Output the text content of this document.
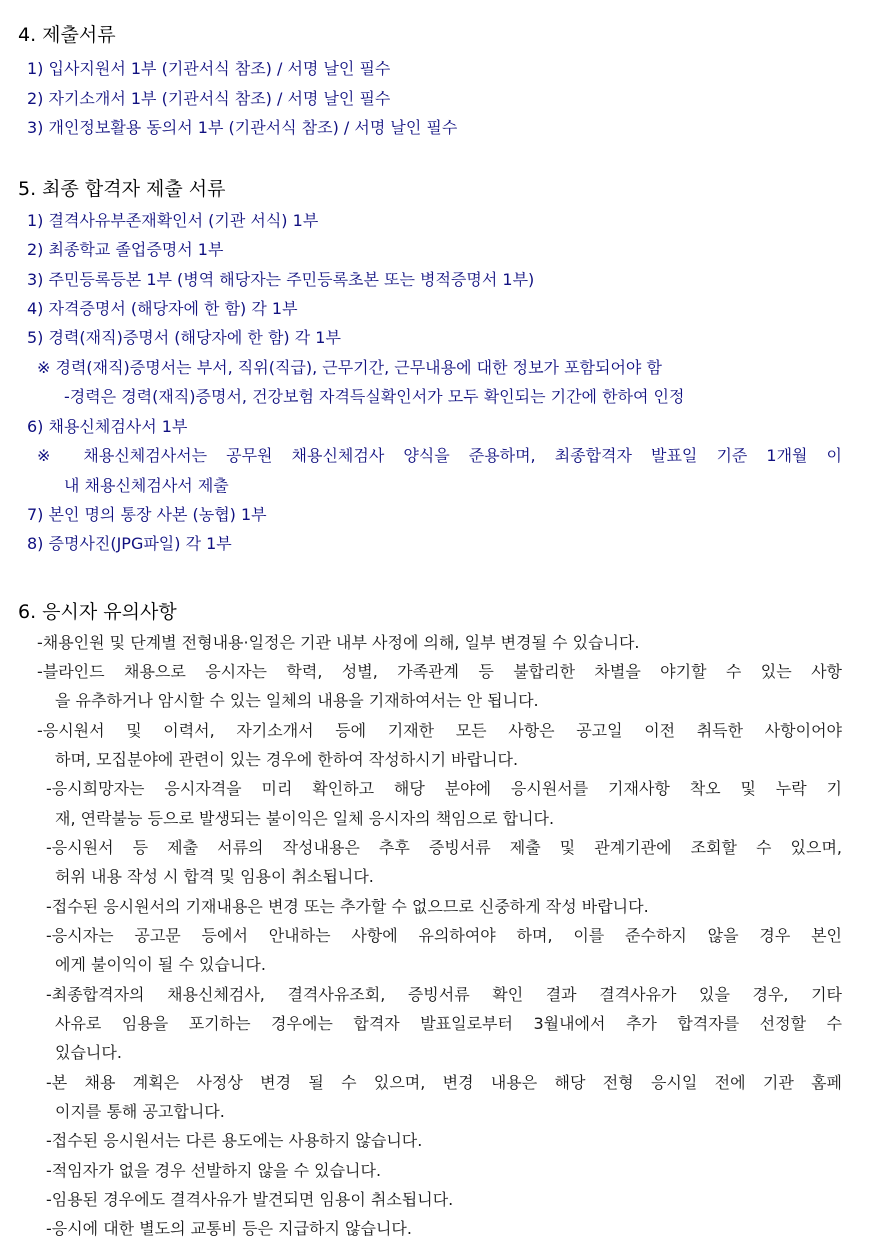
4. 제출서류
1) 입사지원서 1부 (기관서식 참조) / 서명 날인 필수
2) 자기소개서 1부 (기관서식 참조) / 서명 날인 필수
3) 개인정보활용 동의서 1부 (기관서식 참조) / 서명 날인 필수
5. 최종 합격자 제출 서류
1) 결격사유부존재확인서 (기관 서식) 1부
2) 최종학교 졸업증명서 1부
3) 주민등록등본 1부 (병역 해당자는 주민등록초본 또는 병적증명서 1부)
4) 자격증명서 (해당자에 한 함) 각 1부
5) 경력(재직)증명서 (해당자에 한 함) 각 1부
※ 경력(재직)증명서는 부서, 직위(직급), 근무기간, 근무내용에 대한 정보가 포함되어야 함
-경력은 경력(재직)증명서, 건강보험 자격득실확인서가 모두 확인되는 기간에 한하여 인정
6) 채용신체검사서 1부
※ 채용신체검사서는 공무원 채용신체검사 양식을 준용하며, 최종합격자 발표일 기준 1개월 이
내 채용신체검사서 제출
7) 본인 명의 통장 사본 (농협) 1부
8) 증명사진(JPG파일) 각 1부
6. 응시자 유의사항
-채용인원 및 단계별 전형내용·일정은 기관 내부 사정에 의해, 일부 변경될 수 있습니다.
-블라인드 채용으로 응시자는 학력, 성별, 가족관계 등 불합리한 차별을 야기할 수 있는 사항
을 유추하거나 암시할 수 있는 일체의 내용을 기재하여서는 안 됩니다.
-응시원서 및 이력서, 자기소개서 등에 기재한 모든 사항은 공고일 이전 취득한 사항이어야
하며, 모집분야에 관련이 있는 경우에 한하여 작성하시기 바랍니다.
-응시희망자는 응시자격을 미리 확인하고 해당 분야에 응시원서를 기재사항 착오 및 누락 기
재, 연락불능 등으로 발생되는 불이익은 일체 응시자의 책임으로 합니다.
-응시원서 등 제출 서류의 작성내용은 추후 증빙서류 제출 및 관계기관에 조회할 수 있으며,
허위 내용 작성 시 합격 및 임용이 취소됩니다.
-접수된 응시원서의 기재내용은 변경 또는 추가할 수 없으므로 신중하게 작성 바랍니다.
-응시자는 공고문 등에서 안내하는 사항에 유의하여야 하며, 이를 준수하지 않을 경우 본인
에게 불이익이 될 수 있습니다.
-최종합격자의 채용신체검사, 결격사유조회, 증빙서류 확인 결과 결격사유가 있을 경우, 기타
사유로 임용을 포기하는 경우에는 합격자 발표일로부터 3월내에서 추가 합격자를 선정할 수
있습니다.
-본 채용 계획은 사정상 변경 될 수 있으며, 변경 내용은 해당 전형 응시일 전에 기관 홈페
이지를 통해 공고합니다.
-접수된 응시원서는 다른 용도에는 사용하지 않습니다.
-적임자가 없을 경우 선발하지 않을 수 있습니다.
-임용된 경우에도 결격사유가 발견되면 임용이 취소됩니다.
-응시에 대한 별도의 교통비 등은 지급하지 않습니다.
